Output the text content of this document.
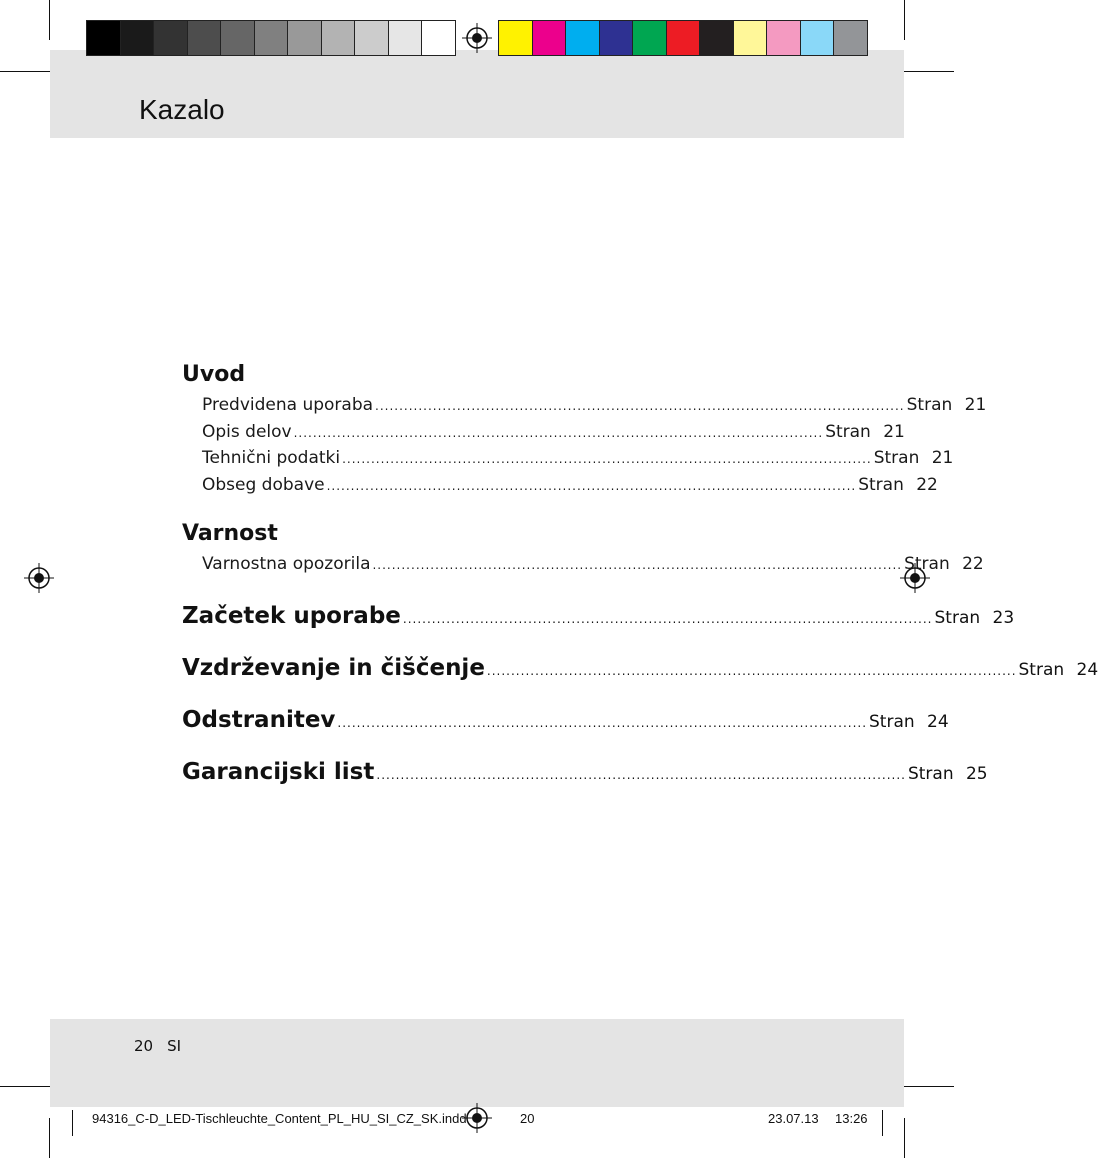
Kazalo
Uvod
Predvidena uporaba .............................................................................................................. Stran 21
Opis delov .............................................................................................................. Stran 21
Tehnični podatki .............................................................................................................. Stran 21
Obseg dobave .............................................................................................................. Stran 22
Varnost
Varnostna opozorila .............................................................................................................. Stran 22
Začetek uporabe .............................................................................................................. Stran 23
Vzdrževanje in čiščenje .............................................................................................................. Stran 24
Odstranitev .............................................................................................................. Stran 24
Garancijski list .............................................................................................................. Stran 25
20 SI
94316_C-D_LED-Tischleuchte_Content_PL_HU_SI_CZ_SK.indd	20	23.07.13 13:26
